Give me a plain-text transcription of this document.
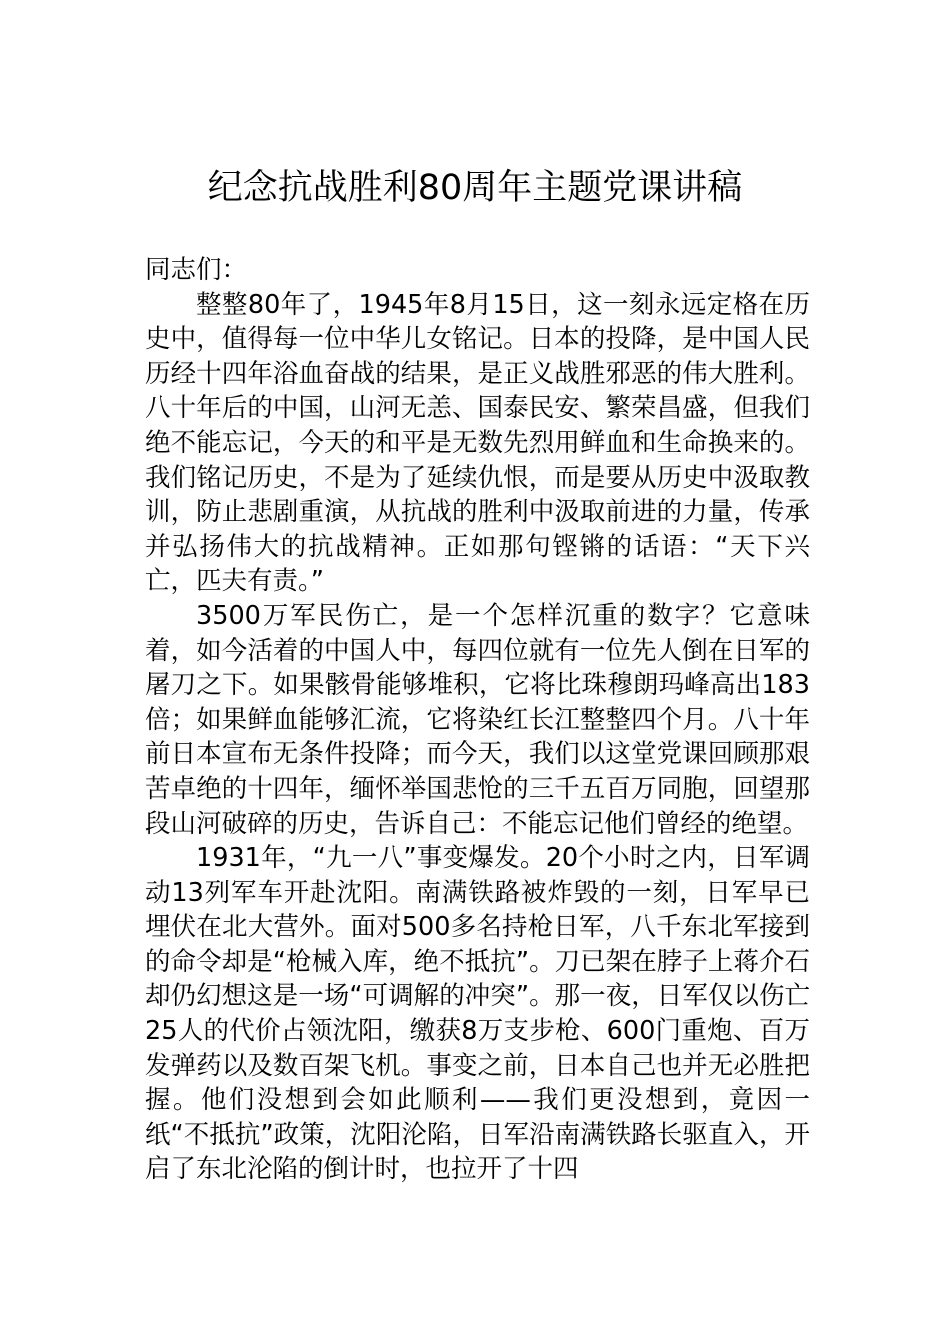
纪念抗战胜利80周年主题党课讲稿

同志们：

整整80年了，1945年8月15日，这一刻永远定格在历史中，值得每一位中华儿女铭记。日本的投降，是中国人民历经十四年浴血奋战的结果，是正义战胜邪恶的伟大胜利。八十年后的中国，山河无恙、国泰民安、繁荣昌盛，但我们绝不能忘记，今天的和平是无数先烈用鲜血和生命换来的。我们铭记历史，不是为了延续仇恨，而是要从历史中汲取教训，防止悲剧重演，从抗战的胜利中汲取前进的力量，传承并弘扬伟大的抗战精神。正如那句铿锵的话语：“天下兴亡，匹夫有责。”

3500万军民伤亡，是一个怎样沉重的数字？它意味着，如今活着的中国人中，每四位就有一位先人倒在日军的屠刀之下。如果骸骨能够堆积，它将比珠穆朗玛峰高出183倍；如果鲜血能够汇流，它将染红长江整整四个月。八十年前日本宣布无条件投降；而今天，我们以这堂党课回顾那艰苦卓绝的十四年，缅怀举国悲怆的三千五百万同胞，回望那段山河破碎的历史，告诉自己：不能忘记他们曾经的绝望。

1931年，“九一八”事变爆发。20个小时之内，日军调动13列军车开赴沈阳。南满铁路被炸毁的一刻，日军早已埋伏在北大营外。面对500多名持枪日军，八千东北军接到的命令却是“枪械入库，绝不抵抗”。刀已架在脖子上蒋介石却仍幻想这是一场“可调解的冲突”。那一夜，日军仅以伤亡25人的代价占领沈阳，缴获8万支步枪、600门重炮、百万发弹药以及数百架飞机。事变之前，日本自己也并无必胜把握。他们没想到会如此顺利——我们更没想到，竟因一纸“不抵抗”政策，沈阳沦陷，日军沿南满铁路长驱直入，开启了东北沦陷的倒计时，也拉开了十四
